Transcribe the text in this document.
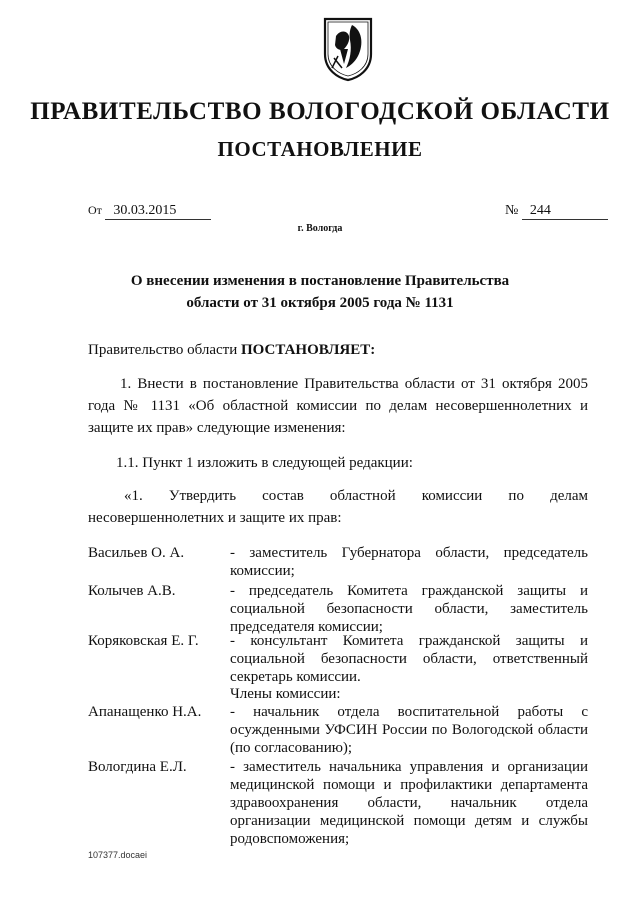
ПРАВИТЕЛЬСТВО ВОЛОГОДСКОЙ ОБЛАСТИ
ПОСТАНОВЛЕНИЕ
От 30.03.2015	№ 244
г. Вологда
О внесении изменения в постановление Правительства
области от 31 октября 2005 года № 1131
Правительство области ПОСТАНОВЛЯЕТ:
1. Внести в постановление Правительства области от 31 октября 2005 года № 1131 «Об областной комиссии по делам несовершеннолетних и защите их прав» следующие изменения:
1.1. Пункт 1 изложить в следующей редакции:
«1. Утвердить состав областной комиссии по делам несовершеннолетних и защите их прав:
Васильев О. А.	- заместитель Губернатора области, председатель комиссии;
Колычев А.В.	- председатель Комитета гражданской защиты и социальной безопасности области, заместитель председателя комиссии;
Коряковская Е. Г.	- консультант Комитета гражданской защиты и социальной безопасности области, ответственный секретарь комиссии.
Члены комиссии:
Апанащенко Н.А.	- начальник отдела воспитательной работы с осужденными УФСИН России по Вологодской области (по согласованию);
Вологдина Е.Л.	- заместитель начальника управления и организации медицинской помощи и профилактики департамента здравоохранения области, начальник отдела организации медицинской помощи детям и службы родовспоможения;
107377.docaei
